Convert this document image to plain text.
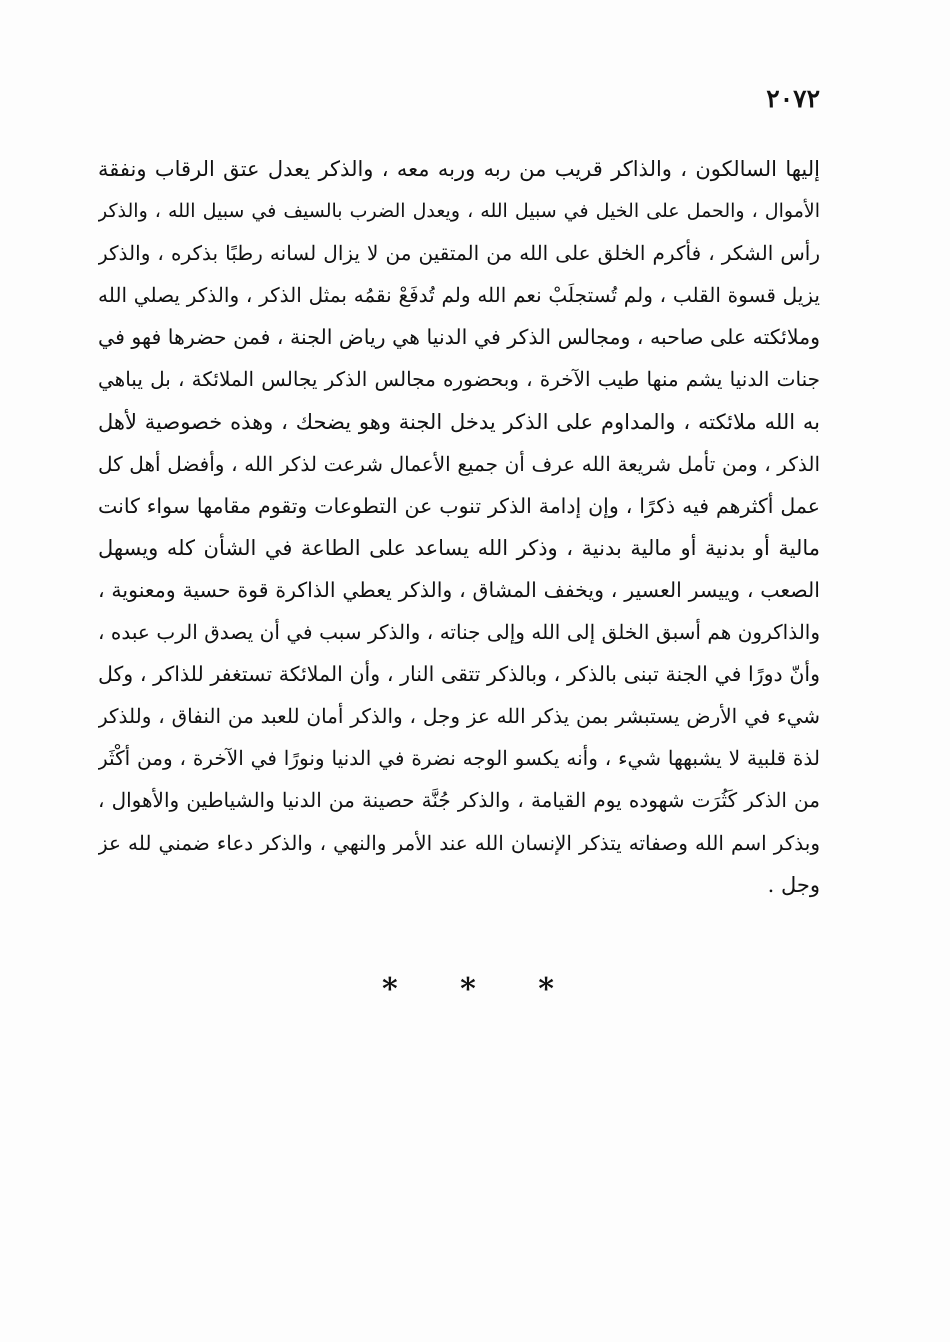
٢٠٧٢
إليها السالكون ، والذاكر قريب من ربه وربه معه ، والذكر يعدل عتق الرقاب ونفقة
الأموال ، والحمل على الخيل في سبيل الله ، ويعدل الضرب بالسيف في سبيل الله ، والذكر
رأس الشكر ، فأكرم الخلق على الله من المتقين من لا يزال لسانه رطبًا بذكره ، والذكر
يزيل قسوة القلب ، ولم تُستجلَبْ نعم الله ولم تُدفَعْ نقمُه بمثل الذكر ، والذكر يصلي الله
وملائكته على صاحبه ، ومجالس الذكر في الدنيا هي رياض الجنة ، فمن حضرها فهو في
جنات الدنيا يشم منها طيب الآخرة ، وبحضوره مجالس الذكر يجالس الملائكة ، بل يباهي
به الله ملائكته ، والمداوم على الذكر يدخل الجنة وهو يضحك ، وهذه خصوصية لأهل
الذكر ، ومن تأمل شريعة الله عرف أن جميع الأعمال شرعت لذكر الله ، وأفضل أهل كل
عمل أكثرهم فيه ذكرًا ، وإن إدامة الذكر تنوب عن التطوعات وتقوم مقامها سواء كانت
مالية أو بدنية أو مالية بدنية ، وذكر الله يساعد على الطاعة في الشأن كله ويسهل
الصعب ، وييسر العسير ، ويخفف المشاق ، والذكر يعطي الذاكرة قوة حسية ومعنوية ،
والذاكرون هم أسبق الخلق إلى الله وإلى جناته ، والذكر سبب في أن يصدق الرب عبده ،
وأنّ دورًا في الجنة تبنى بالذكر ، وبالذكر تتقى النار ، وأن الملائكة تستغفر للذاكر ، وكل
شيء في الأرض يستبشر بمن يذكر الله عز وجل ، والذكر أمان للعبد من النفاق ، وللذكر
لذة قلبية لا يشبهها شيء ، وأنه يكسو الوجه نضرة في الدنيا ونورًا في الآخرة ، ومن أكْثَر
من الذكر كَثُرَت شهوده يوم القيامة ، والذكر جُنَّة حصينة من الدنيا والشياطين والأهوال ،
وبذكر اسم الله وصفاته يتذكر الإنسان الله عند الأمر والنهي ، والذكر دعاء ضمني لله عز
وجل .
* * *
